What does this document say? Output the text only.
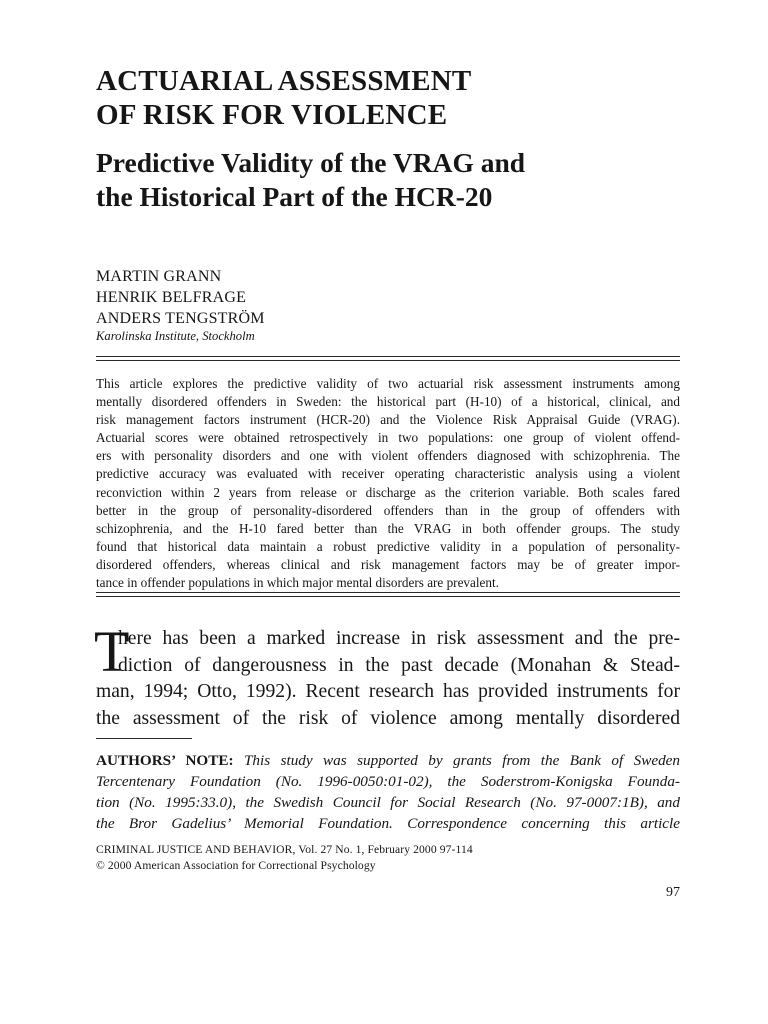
ACTUARIAL ASSESSMENT
OF RISK FOR VIOLENCE
Predictive Validity of the VRAG and
the Historical Part of the HCR-20
MARTIN GRANN
HENRIK BELFRAGE
ANDERS TENGSTRÖM
Karolinska Institute, Stockholm
This article explores the predictive validity of two actuarial risk assessment instruments among
mentally disordered offenders in Sweden: the historical part (H-10) of a historical, clinical, and
risk management factors instrument (HCR-20) and the Violence Risk Appraisal Guide (VRAG).
Actuarial scores were obtained retrospectively in two populations: one group of violent offend-
ers with personality disorders and one with violent offenders diagnosed with schizophrenia. The
predictive accuracy was evaluated with receiver operating characteristic analysis using a violent
reconviction within 2 years from release or discharge as the criterion variable. Both scales fared
better in the group of personality-disordered offenders than in the group of offenders with
schizophrenia, and the H-10 fared better than the VRAG in both offender groups. The study
found that historical data maintain a robust predictive validity in a population of personality-
disordered offenders, whereas clinical and risk management factors may be of greater impor-
tance in offender populations in which major mental disorders are prevalent.
T
here has been a marked increase in risk assessment and the pre-
diction of dangerousness in the past decade (Monahan & Stead-
man, 1994; Otto, 1992). Recent research has provided instruments for
the assessment of the risk of violence among mentally disordered
AUTHORS’ NOTE: This study was supported by grants from the Bank of Sweden
Tercentenary Foundation (No. 1996-0050:01-02), the Soderstrom-Konigska Founda-
tion (No. 1995:33.0), the Swedish Council for Social Research (No. 97-0007:1B), and
the Bror Gadelius’ Memorial Foundation. Correspondence concerning this article
CRIMINAL JUSTICE AND BEHAVIOR, Vol. 27 No. 1, February 2000 97-114
© 2000 American Association for Correctional Psychology
97
